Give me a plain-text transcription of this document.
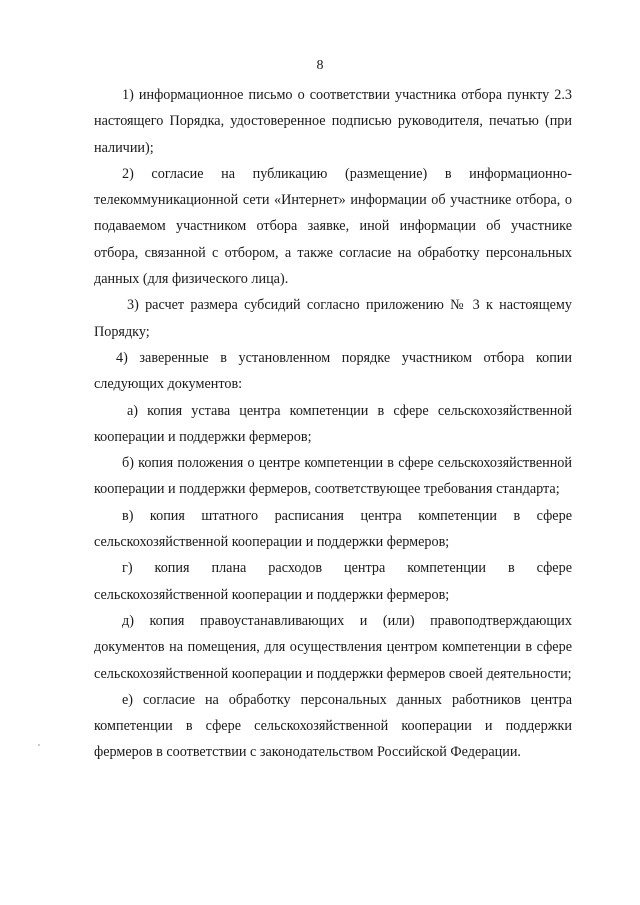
8

1) информационное письмо о соответствии участника отбора пункту 2.3 настоящего Порядка, удостоверенное подписью руководителя, печатью (при наличии);

2) согласие на публикацию (размещение) в информационно-телекоммуникационной сети «Интернет» информации об участнике отбора, о подаваемом участником отбора заявке, иной информации об участнике отбора, связанной с отбором, а также согласие на обработку персональных данных (для физического лица).

3) расчет размера субсидий согласно приложению № 3 к настоящему Порядку;

4) заверенные в установленном порядке участником отбора копии следующих документов:

а) копия устава центра компетенции в сфере сельскохозяйственной кооперации и поддержки фермеров;

б) копия положения о центре компетенции в сфере сельскохозяйственной кооперации и поддержки фермеров, соответствующее требования стандарта;

в) копия штатного расписания центра компетенции в сфере сельскохозяйственной кооперации и поддержки фермеров;

г) копия плана расходов центра компетенции в сфере сельскохозяйственной кооперации и поддержки фермеров;

д) копия правоустанавливающих и (или) правоподтверждающих документов на помещения, для осуществления центром компетенции в сфере сельскохозяйственной кооперации и поддержки фермеров своей деятельности;

е) согласие на обработку персональных данных работников центра компетенции в сфере сельскохозяйственной кооперации и поддержки фермеров в соответствии с законодательством Российской Федерации.
